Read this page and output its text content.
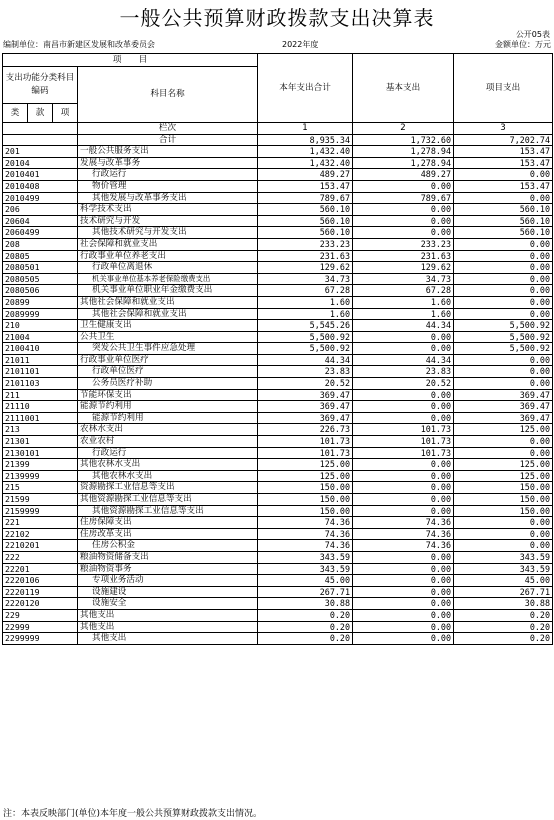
一般公共预算财政拨款支出决算表
公开05表
编制单位：南昌市新建区发展和改革委员会	2022年度	金额单位：万元
项　　目				本年支出合计	基本支出	项目支出
支出功能分类科目编码			科目名称			
类	款	项				
			栏次	1	2	3
			合计	8,935.34	1,732.60	7,202.74
201			一般公共服务支出	1,432.40	1,278.94	153.47
20104			发展与改革事务	1,432.40	1,278.94	153.47
2010401			行政运行	489.27	489.27	0.00
2010408			物价管理	153.47	0.00	153.47
2010499			其他发展与改革事务支出	789.67	789.67	0.00
206			科学技术支出	560.10	0.00	560.10
20604			技术研究与开发	560.10	0.00	560.10
2060499			其他技术研究与开发支出	560.10	0.00	560.10
208			社会保障和就业支出	233.23	233.23	0.00
20805			行政事业单位养老支出	231.63	231.63	0.00
2080501			行政单位离退休	129.62	129.62	0.00
2080505			机关事业单位基本养老保险缴费支出	34.73	34.73	0.00
2080506			机关事业单位职业年金缴费支出	67.28	67.28	0.00
20899			其他社会保障和就业支出	1.60	1.60	0.00
2089999			其他社会保障和就业支出	1.60	1.60	0.00
210			卫生健康支出	5,545.26	44.34	5,500.92
21004			公共卫生	5,500.92	0.00	5,500.92
2100410			突发公共卫生事件应急处理	5,500.92	0.00	5,500.92
21011			行政事业单位医疗	44.34	44.34	0.00
2101101			行政单位医疗	23.83	23.83	0.00
2101103			公务员医疗补助	20.52	20.52	0.00
211			节能环保支出	369.47	0.00	369.47
21110			能源节约利用	369.47	0.00	369.47
2111001			能源节约利用	369.47	0.00	369.47
213			农林水支出	226.73	101.73	125.00
21301			农业农村	101.73	101.73	0.00
2130101			行政运行	101.73	101.73	0.00
21399			其他农林水支出	125.00	0.00	125.00
2139999			其他农林水支出	125.00	0.00	125.00
215			资源勘探工业信息等支出	150.00	0.00	150.00
21599			其他资源勘探工业信息等支出	150.00	0.00	150.00
2159999			其他资源勘探工业信息等支出	150.00	0.00	150.00
221			住房保障支出	74.36	74.36	0.00
22102			住房改革支出	74.36	74.36	0.00
2210201			住房公积金	74.36	74.36	0.00
222			粮油物资储备支出	343.59	0.00	343.59
22201			粮油物资事务	343.59	0.00	343.59
2220106			专项业务活动	45.00	0.00	45.00
2220119			设施建设	267.71	0.00	267.71
2220120			设施安全	30.88	0.00	30.88
229			其他支出	0.20	0.00	0.20
22999			其他支出	0.20	0.00	0.20
2299999			其他支出	0.20	0.00	0.20
注：本表反映部门(单位)本年度一般公共预算财政拨款支出情况。
